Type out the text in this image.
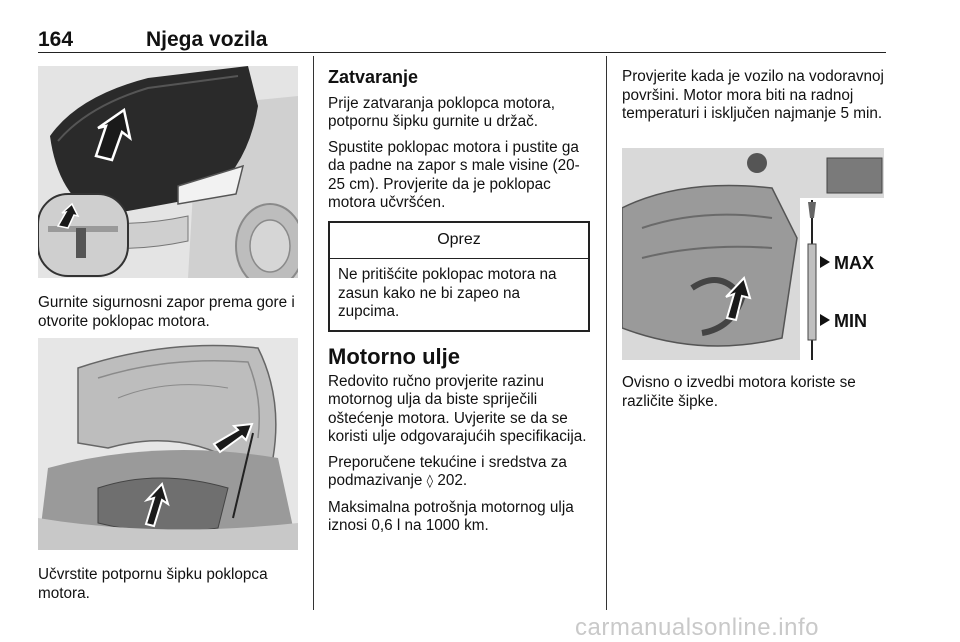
164	Njega vozila
Gurnite sigurnosni zapor prema gore i otvorite poklopac motora.
Učvrstite potpornu šipku poklopca motora.
Zatvaranje

Prije zatvaranja poklopca motora, potpornu šipku gurnite u držač.

Spustite poklopac motora i pustite ga da padne na zapor s male visine (20-25 cm). Provjerite da je poklopac motora učvršćen.

Oprez
Ne pritišćite poklopac motora na zasun kako ne bi zapeo na zupcima.
Motorno ulje

Redovito ručno provjerite razinu motornog ulja da biste spriječili oštećenje motora. Uvjerite se da se koristi ulje odgovarajućih specifikacija.

Preporučene tekućine i sredstva za podmazivanje ◊ 202.

Maksimalna potrošnja motornog ulja iznosi 0,6 l na 1000 km.

Provjerite kada je vozilo na vodoravnoj površini. Motor mora biti na radnoj temperaturi i isključen najmanje 5 min.

MAX
MIN

Ovisno o izvedbi motora koriste se različite šipke.

carmanualsonline.info
